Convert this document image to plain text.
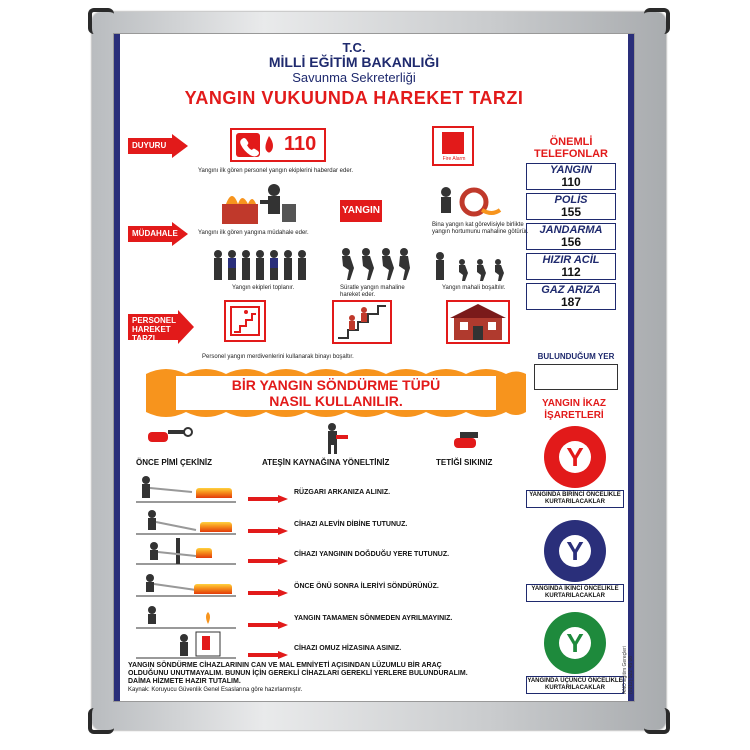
T.C.
MİLLİ EĞİTİM BAKANLIĞI
Savunma Sekreterliği
YANGIN VUKUUNDA HAREKET TARZI
DUYURU	110
Fire Alarm
Yangını ilk gören personel yangın ekiplerini haberdar eder.
MÜDAHALE	Yangını ilk gören yangına müdahale eder.
YANGIN
Bina yangın kat görevlisiyle birlikte yangın hortumunu mahaline götürür.
Yangın ekipleri toplanır.	Süratle yangın mahaline hareket eder.
Yangın mahali boşaltılır.
PERSONEL HAREKET TARZI
Personel yangın merdivenlerini kullanarak binayı boşaltır.
ÖNEMLİ TELEFONLAR
YANGIN
110
POLİS
155
JANDARMA
156
HIZIR ACİL
112
GAZ ARIZA
187
BULUNDUĞUM YER
BİR YANGIN SÖNDÜRME TÜPÜ
NASIL KULLANILIR.
ÖNCE PİMİ ÇEKİNİZ	ATEŞİN KAYNAĞINA YÖNELTİNİZ	TETİĞİ SIKINIZ
RÜZGARI ARKANIZA ALINIZ.
CİHAZI ALEVİN DİBİNE TUTUNUZ.
CİHAZI YANGININ DOĞDUĞU YERE TUTUNUZ.
ÖNCE ÖNÜ SONRA İLERİYİ SÖNDÜRÜNÜZ.
YANGIN TAMAMEN SÖNMEDEN AYRILMAYINIZ.
CİHAZI OMUZ HİZASINA ASINIZ.
YANGIN İKAZ İŞARETLERİ
Y
YANGINDA BİRİNCİ ÖNCELİKLE KURTARILACAKLAR
Y
YANGINDA İKİNCİ ÖNCELİKLE KURTARILACAKLAR
Y
YANGINDA ÜÇÜNCÜ ÖNCELİKLE KURTARILACAKLAR	ANO Eğitim Gereçleri (0212) 522 45 08
YANGIN SÖNDÜRME CİHAZLARININ CAN VE MAL EMNİYETİ AÇISINDAN LÜZUMLU BİR ARAÇ OLDUĞUNU UNUTMAYALIM. BUNUN İÇİN GEREKLİ CİHAZLARI GEREKLİ YERLERE BULUNDURALIM. DAİMA HİZMETE HAZIR TUTALIM.
Kaynak: Koruyucu Güvenlik Genel Esaslarına göre hazırlanmıştır.
